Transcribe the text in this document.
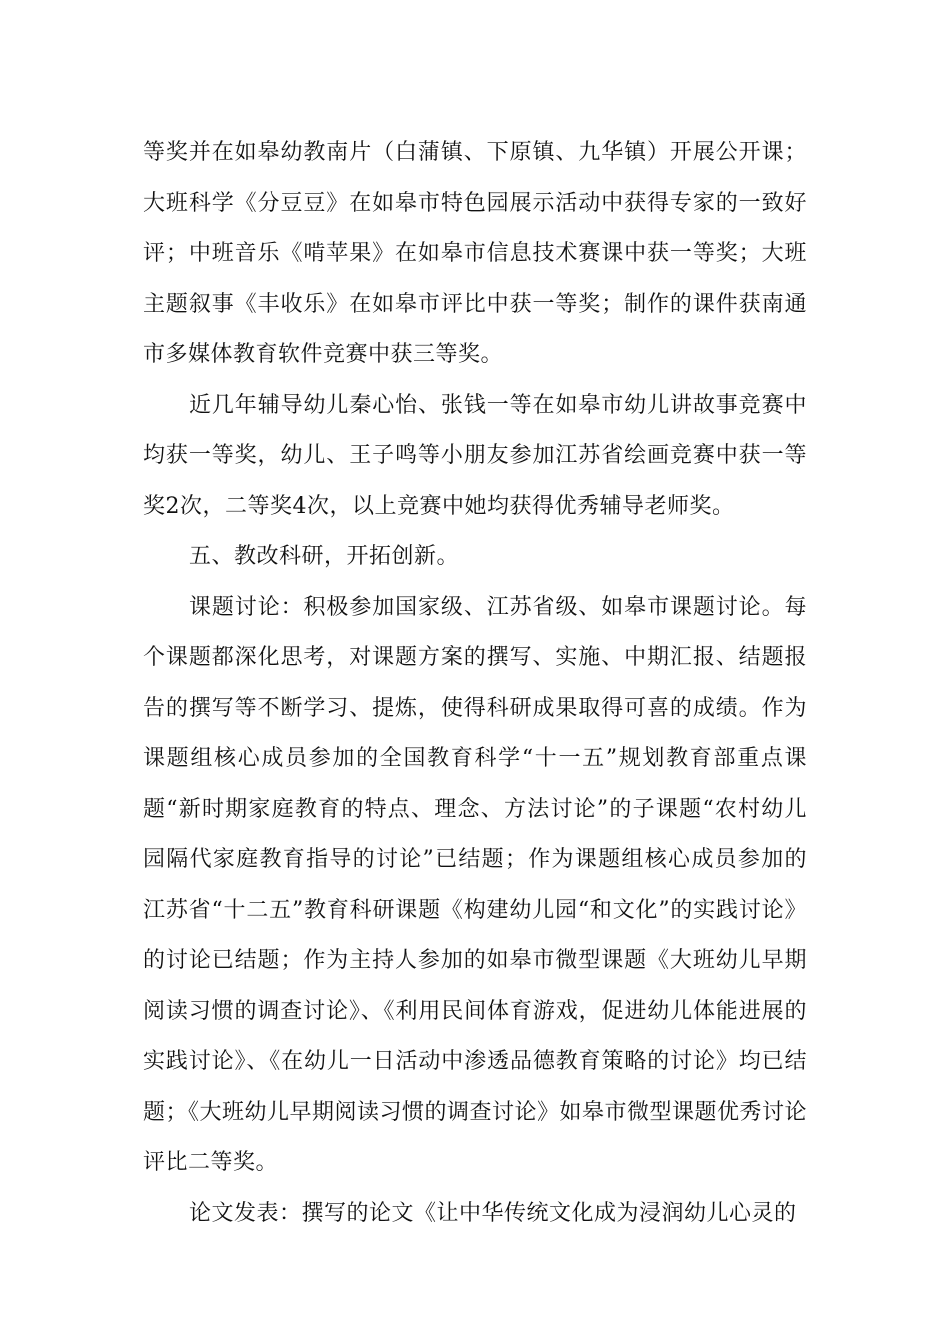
等奖并在如皋幼教南片（白蒲镇、下原镇、九华镇）开展公开课；大班科学《分豆豆》在如皋市特色园展示活动中获得专家的一致好评；中班音乐《啃苹果》在如皋市信息技术赛课中获一等奖；大班主题叙事《丰收乐》在如皋市评比中获一等奖；制作的课件获南通市多媒体教育软件竞赛中获三等奖。

近几年辅导幼儿秦心怡、张钱一等在如皋市幼儿讲故事竞赛中均获一等奖，幼儿、王子鸣等小朋友参加江苏省绘画竞赛中获一等奖2次，二等奖4次，以上竞赛中她均获得优秀辅导老师奖。

五、教改科研，开拓创新。

课题讨论：积极参加国家级、江苏省级、如皋市课题讨论。每个课题都深化思考，对课题方案的撰写、实施、中期汇报、结题报告的撰写等不断学习、提炼，使得科研成果取得可喜的成绩。作为课题组核心成员参加的全国教育科学“十一五”规划教育部重点课题“新时期家庭教育的特点、理念、方法讨论”的子课题“农村幼儿园隔代家庭教育指导的讨论”已结题；作为课题组核心成员参加的江苏省“十二五”教育科研课题《构建幼儿园“和文化”的实践讨论》的讨论已结题；作为主持人参加的如皋市微型课题《大班幼儿早期阅读习惯的调查讨论》、《利用民间体育游戏，促进幼儿体能进展的实践讨论》、《在幼儿一日活动中渗透品德教育策略的讨论》均已结题；《大班幼儿早期阅读习惯的调查讨论》如皋市微型课题优秀讨论评比二等奖。

论文发表：撰写的论文《让中华传统文化成为浸润幼儿心灵的
